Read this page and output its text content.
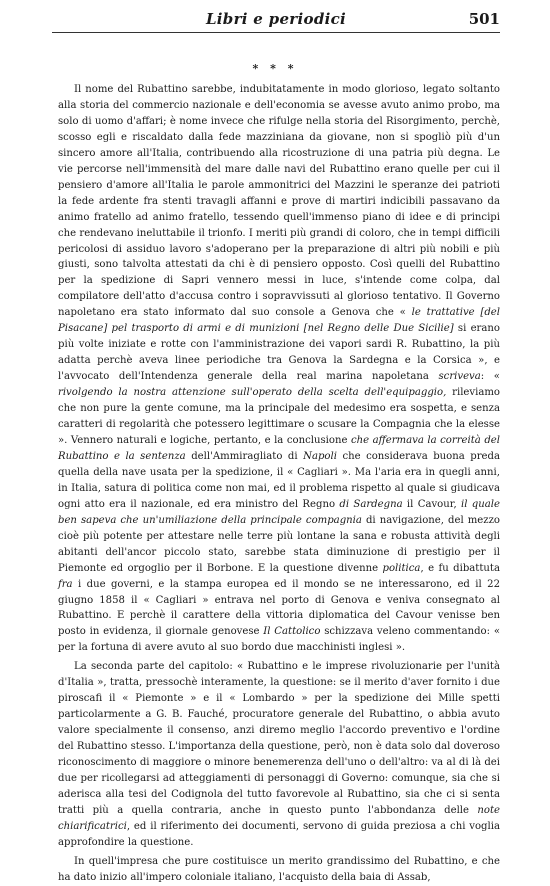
Libri e periodici	501
* * *

Il nome del Rubattino sarebbe, indubitatamente in modo glorioso, legato soltanto alla storia del commercio nazionale e dell'economia se avesse avuto animo probo, ma solo di uomo d'affari; è nome invece che rifulge nella storia del Risorgimento, perchè, scosso egli e riscaldato dalla fede mazziniana da giovane, non si spogliò più d'un sincero amore all'Italia, contribuendo alla ricostruzione di una patria più degna. Le vie percorse nell'immensità del mare dalle navi del Rubattino erano quelle per cui il pensiero d'amore all'Italia le parole ammonitrici del Mazzini le speranze dei patrioti la fede ardente fra stenti travagli affanni e prove di martiri indicibili passavano da animo fratello ad animo fratello, tessendo quell'immenso piano di idee e di principi che rendevano ineluttabile il trionfo. I meriti più grandi di coloro, che in tempi difficili pericolosi di assiduo lavoro s'adoperano per la preparazione di altri più nobili e più giusti, sono talvolta attestati da chi è di pensiero opposto. Così quelli del Rubattino per la spedizione di Sapri vennero messi in luce, s'intende come colpa, dal compilatore dell'atto d'accusa contro i sopravvissuti al glorioso tentativo. Il Governo napoletano era stato informato dal suo console a Genova che « le trattative [del Pisacane] pel trasporto di armi e di munizioni [nel Regno delle Due Sicilie] si erano più volte iniziate e rotte con l'amministrazione dei vapori sardi R. Rubattino, la più adatta perchè aveva linee periodiche tra Genova la Sardegna e la Corsica », e l'avvocato dell'Intendenza generale della real marina napoletana scriveva: « rivolgendo la nostra attenzione sull'operato della scelta dell'equipaggio, rileviamo che non pure la gente comune, ma la principale del medesimo era sospetta, e senza caratteri di regolarità che potessero legittimare o scusare la Compagnia che la elesse ». Vennero naturali e logiche, pertanto, e la conclusione che affermava la correità del Rubattino e la sentenza dell'Ammiragliato di Napoli che considerava buona preda quella della nave usata per la spedizione, il « Cagliari ». Ma l'aria era in quegli anni, in Italia, satura di politica come non mai, ed il problema rispetto al quale si giudicava ogni atto era il nazionale, ed era ministro del Regno di Sardegna il Cavour, il quale ben sapeva che un'umiliazione della principale compagnia di navigazione, del mezzo cioè più potente per attestare nelle terre più lontane la sana e robusta attività degli abitanti dell'ancor piccolo stato, sarebbe stata diminuzione di prestigio per il Piemonte ed orgoglio per il Borbone. E la questione divenne politica, e fu dibattuta fra i due governi, e la stampa europea ed il mondo se ne interessarono, ed il 22 giugno 1858 il « Cagliari » entrava nel porto di Genova e veniva consegnato al Rubattino. E perchè il carattere della vittoria diplomatica del Cavour venisse ben posto in evidenza, il giornale genovese Il Cattolico schizzava veleno commentando: « per la fortuna di avere avuto al suo bordo due macchinisti inglesi ».

La seconda parte del capitolo: « Rubattino e le imprese rivoluzionarie per l'unità d'Italia », tratta, pressochè interamente, la questione: se il merito d'aver fornito i due piroscafi il « Piemonte » e il « Lombardo » per la spedizione dei Mille spetti particolarmente a G. B. Fauché, procuratore generale del Rubattino, o abbia avuto valore specialmente il consenso, anzi diremo meglio l'accordo preventivo e l'ordine del Rubattino stesso. L'importanza della questione, però, non è data solo dal doveroso riconoscimento di maggiore o minore benemerenza dell'uno o dell'altro: va al di là dei due per ricollegarsi ad atteggiamenti di personaggi di Governo: comunque, sia che si aderisca alla tesi del Codignola del tutto favorevole al Rubattino, sia che ci si senta tratti più a quella contraria, anche in questo punto l'abbondanza delle note chiarificatrici, ed il riferimento dei documenti, servono di guida preziosa a chi voglia approfondire la questione.

In quell'impresa che pure costituisce un merito grandissimo del Rubattino, e che ha dato inizio all'impero coloniale italiano, l'acquisto della baia di Assab,
